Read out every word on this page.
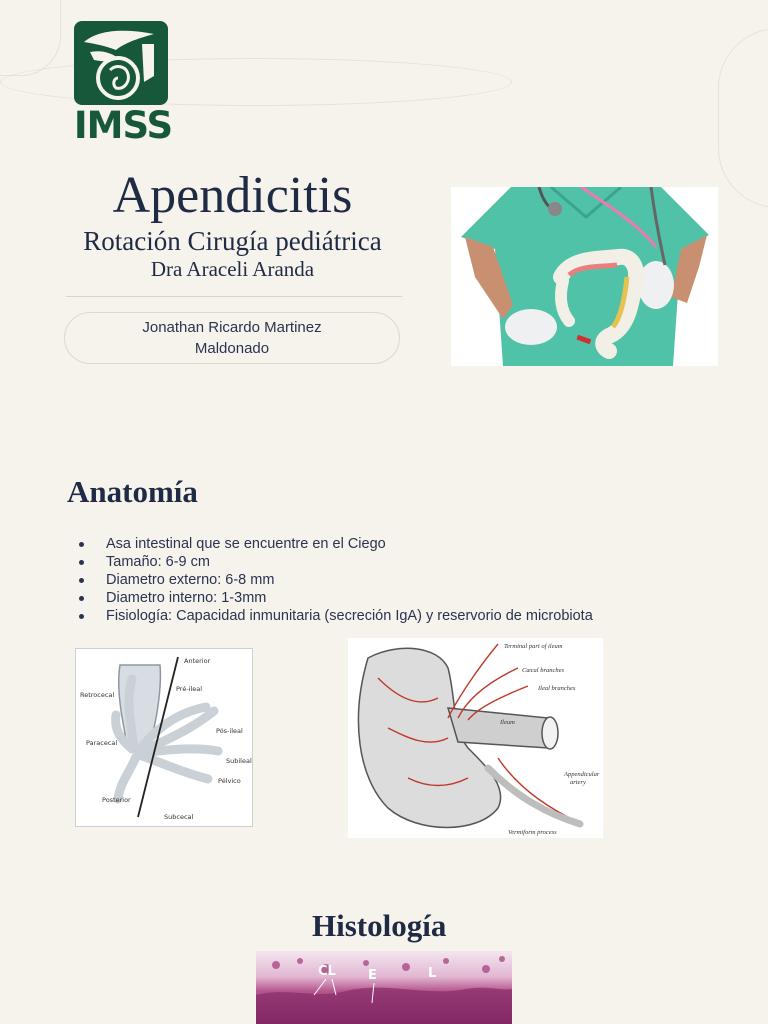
IMSS
Apendicitis
Rotación Cirugía pediátrica
Dra Araceli Aranda
Jonathan Ricardo Martinez
Maldonado
Anatomía
Asa intestinal que se encuentre en el Ciego
Tamaño: 6-9 cm
Diametro externo: 6-8 mm
Diametro interno: 1-3mm
Fisiología: Capacidad inmunitaria (secreción IgA) y reservorio de microbiota
Anterior
Retrocecal
Pré-ileal
Pós-ileal
Paracecal
Subileal
Pélvico
Posterior
Subcecal
Terminal part of ileum
Cæcal branches
Ileal branches
Ileum
Appendicular
artery
Vermiform process
Histología
CL E	L
